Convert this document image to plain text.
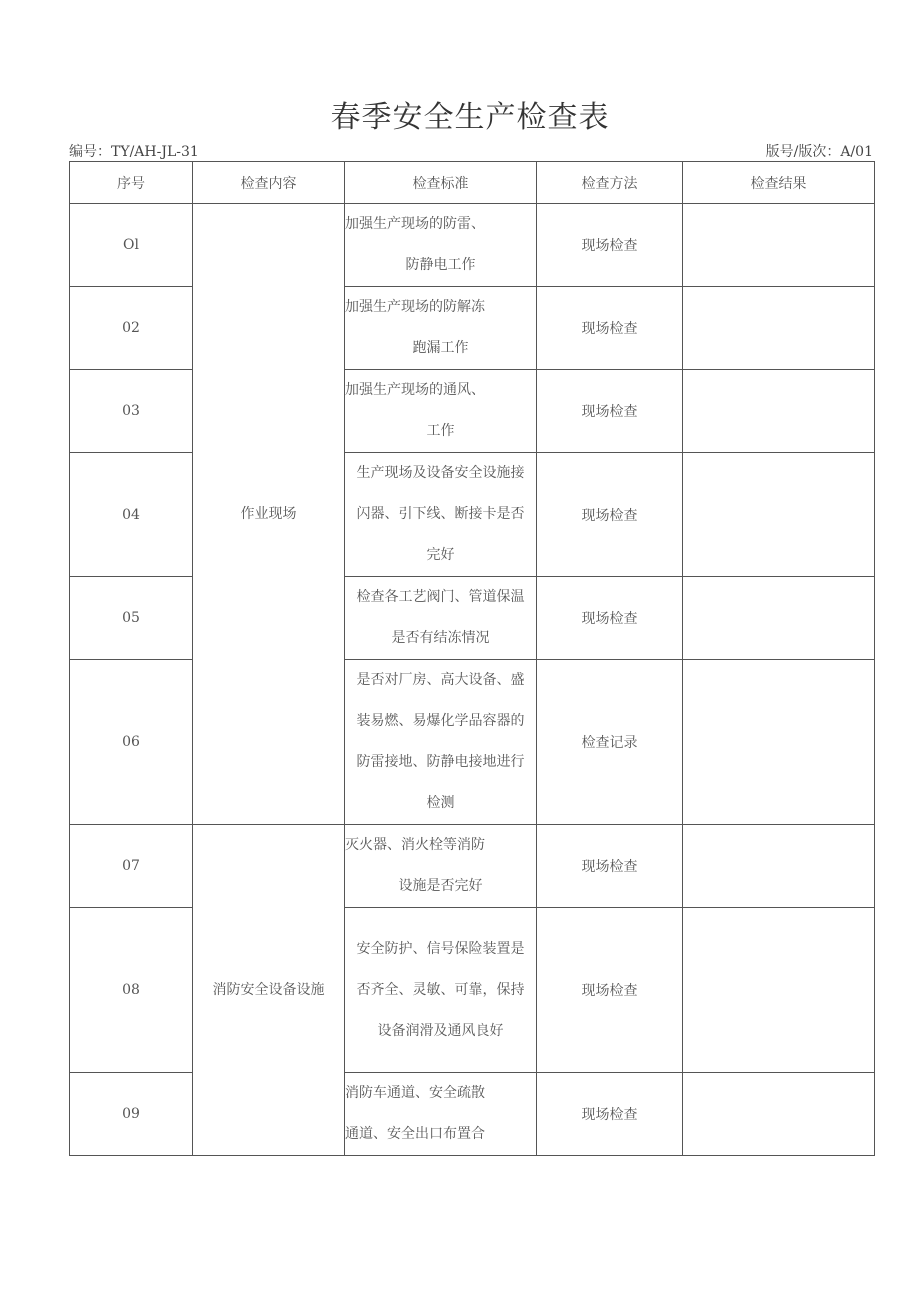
春季安全生产检查表
编号：TY/AH-JL-31	版号/版次：A/01
序号	检查内容	检查标准	检查方法	检查结果
Ol	作业现场	加强生产现场的防雷、
防静电工作	现场检查	
02		加强生产现场的防解冻
跑漏工作	现场检查	
03		加强生产现场的通风、
工作	现场检查	
04		生产现场及设备安全设施接
闪器、引下线、断接卡是否
完好	现场检查	
05		检查各工艺阀门、管道保温
是否有结冻情况	现场检查	
06		是否对厂房、高大设备、盛
装易燃、易爆化学品容器的
防雷接地、防静电接地进行
检测	检查记录	
07	消防安全设备设施	灭火器、消火栓等消防
设施是否完好	现场检查	
08		安全防护、信号保险装置是
否齐全、灵敏、可靠，保持
设备润滑及通风良好	现场检查	
09		消防车通道、安全疏散
通道、安全出口布置合	现场检查	
